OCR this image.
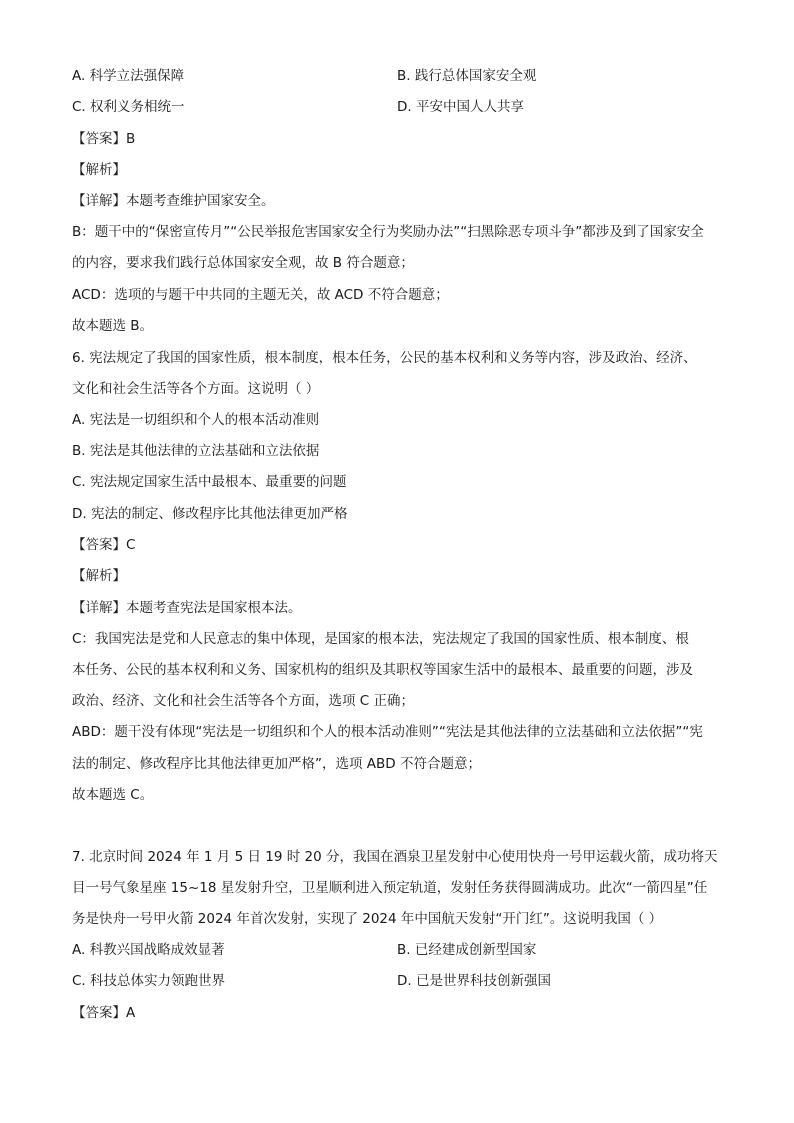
A. 科学立法强保障	B. 践行总体国家安全观
C. 权利义务相统一	D. 平安中国人人共享
【答案】B
【解析】
【详解】本题考查维护国家安全。
B：题干中的“保密宣传月”“公民举报危害国家安全行为奖励办法”“扫黑除恶专项斗争”都涉及到了国家安全
的内容，要求我们践行总体国家安全观，故 B 符合题意；
ACD：选项的与题干中共同的主题无关，故 ACD 不符合题意；
故本题选 B。
6. 宪法规定了我国的国家性质，根本制度，根本任务，公民的基本权利和义务等内容，涉及政治、经济、
文化和社会生活等各个方面。这说明（ ）
A. 宪法是一切组织和个人的根本活动准则
B. 宪法是其他法律的立法基础和立法依据
C. 宪法规定国家生活中最根本、最重要的问题
D. 宪法的制定、修改程序比其他法律更加严格
【答案】C
【解析】
【详解】本题考查宪法是国家根本法。
C：我国宪法是党和人民意志的集中体现，是国家的根本法，宪法规定了我国的国家性质、根本制度、根
本任务、公民的基本权利和义务、国家机构的组织及其职权等国家生活中的最根本、最重要的问题，涉及
政治、经济、文化和社会生活等各个方面，选项 C 正确；
ABD：题干没有体现“宪法是一切组织和个人的根本活动准则”“宪法是其他法律的立法基础和立法依据”“宪
法的制定、修改程序比其他法律更加严格”，选项 ABD 不符合题意；
故本题选 C。
7. 北京时间 2024 年 1 月 5 日 19 时 20 分，我国在酒泉卫星发射中心使用快舟一号甲运载火箭，成功将天
目一号气象星座 15~18 星发射升空，卫星顺利进入预定轨道，发射任务获得圆满成功。此次“一箭四星”任
务是快舟一号甲火箭 2024 年首次发射，实现了 2024 年中国航天发射“开门红”。这说明我国（ ）
A. 科教兴国战略成效显著	B. 已经建成创新型国家
C. 科技总体实力领跑世界	D. 已是世界科技创新强国
【答案】A
